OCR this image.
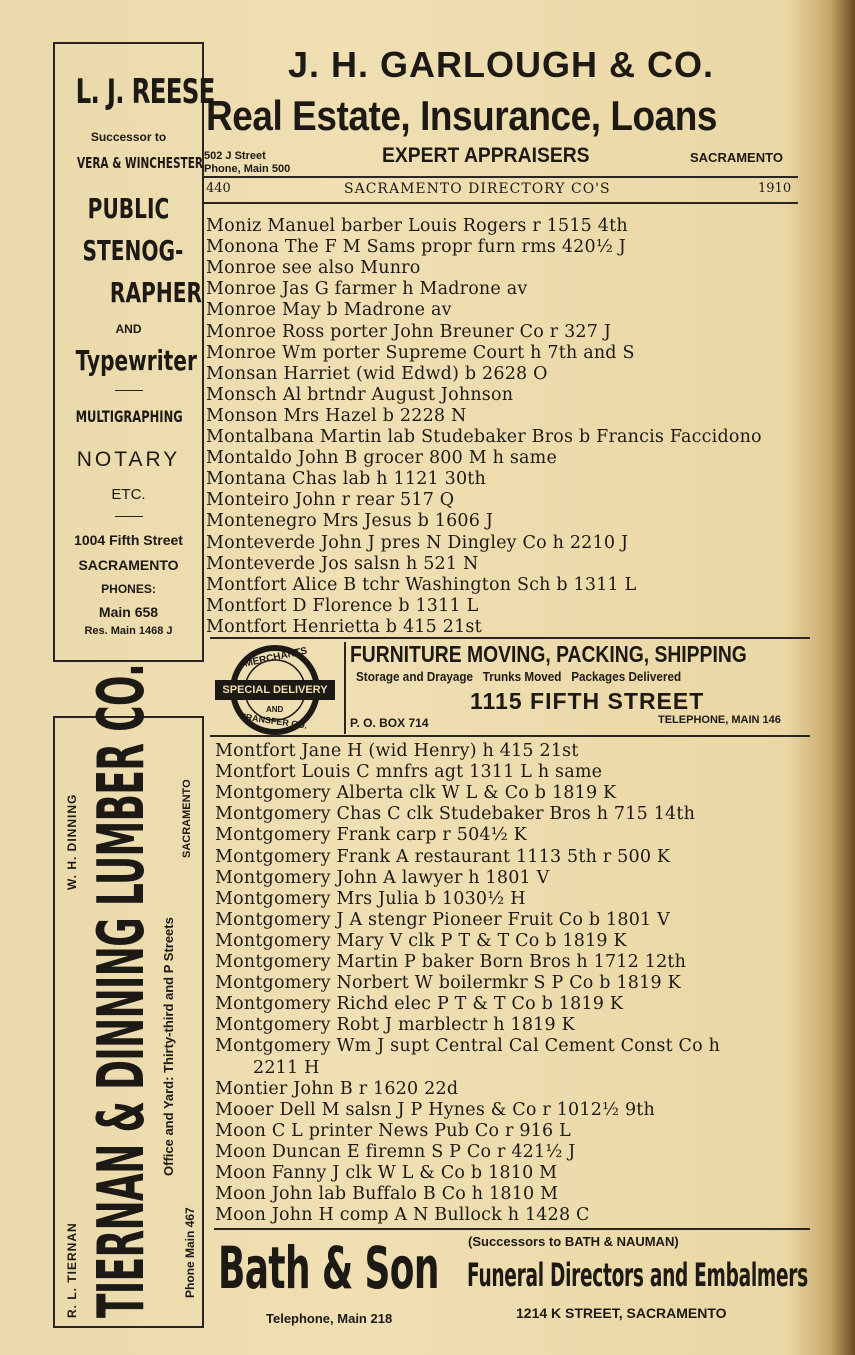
L. J. REESE
Successor to
VERA & WINCHESTER
PUBLIC
STENOG-
RAPHER
AND
Typewriter
MULTIGRAPHING
NOTARY
ETC.
1004 Fifth Street
SACRAMENTO
PHONES:
Main 658
Res. Main 1468 J
J. H. GARLOUGH & CO.
Real Estate, Insurance, Loans
502 J Street
Phone, Main 500
EXPERT APPRAISERS	SACRAMENTO
440	SACRAMENTO DIRECTORY CO'S	1910
Moniz Manuel barber Louis Rogers r 1515 4th
Monona The F M Sams propr furn rms 420½ J
Monroe see also Munro
Monroe Jas G farmer h Madrone av
Monroe May b Madrone av
Monroe Ross porter John Breuner Co r 327 J
Monroe Wm porter Supreme Court h 7th and S
Monsan Harriet (wid Edwd) b 2628 O
Monsch Al brtndr August Johnson
Monson Mrs Hazel b 2228 N
Montalbana Martin lab Studebaker Bros b Francis Faccidono
Montaldo John B grocer 800 M h same
Montana Chas lab h 1121 30th
Monteiro John r rear 517 Q
Montenegro Mrs Jesus b 1606 J
Monteverde John J pres N Dingley Co h 2210 J
Monteverde Jos salsn h 521 N
Montfort Alice B tchr Washington Sch b 1311 L
Montfort D Florence b 1311 L
Montfort Henrietta b 415 21st
MERCHANTS
SPECIAL DELIVERY
AND
TRANSFER CO.
FURNITURE MOVING, PACKING, SHIPPING
Storage and Drayage   Trunks Moved   Packages Delivered
1115 FIFTH STREET
P. O. BOX 714	TELEPHONE, MAIN 146
Montfort Jane H (wid Henry) h 415 21st
Montfort Louis C mnfrs agt 1311 L h same
Montgomery Alberta clk W L & Co b 1819 K
Montgomery Chas C clk Studebaker Bros h 715 14th
Montgomery Frank carp r 504½ K
Montgomery Frank A restaurant 1113 5th r 500 K
Montgomery John A lawyer h 1801 V
Montgomery Mrs Julia b 1030½ H
Montgomery J A stengr Pioneer Fruit Co b 1801 V
Montgomery Mary V clk P T & T Co b 1819 K
Montgomery Martin P baker Born Bros h 1712 12th
Montgomery Norbert W boilermkr S P Co b 1819 K
Montgomery Richd elec P T & T Co b 1819 K
Montgomery Robt J marblectr h 1819 K
Montgomery Wm J supt Central Cal Cement Const Co h
2211 H
Montier John B r 1620 22d
Mooer Dell M salsn J P Hynes & Co r 1012½ 9th
Moon C L printer News Pub Co r 916 L
Moon Duncan E firemn S P Co r 421½ J
Moon Fanny J clk W L & Co b 1810 M
Moon John lab Buffalo B Co h 1810 M
Moon John H comp A N Bullock h 1428 C
W. H. DINNING TIERNAN & DINNING LUMBER CO.
R. L. TIERNAN
SACRAMENTO
Office and Yard: Thirty-third and P Streets
Phone Main 467 Bath & Son (Successors to BATH & NAUMAN)
Funeral Directors and Embalmers
Telephone, Main 218	1214 K STREET, SACRAMENTO
